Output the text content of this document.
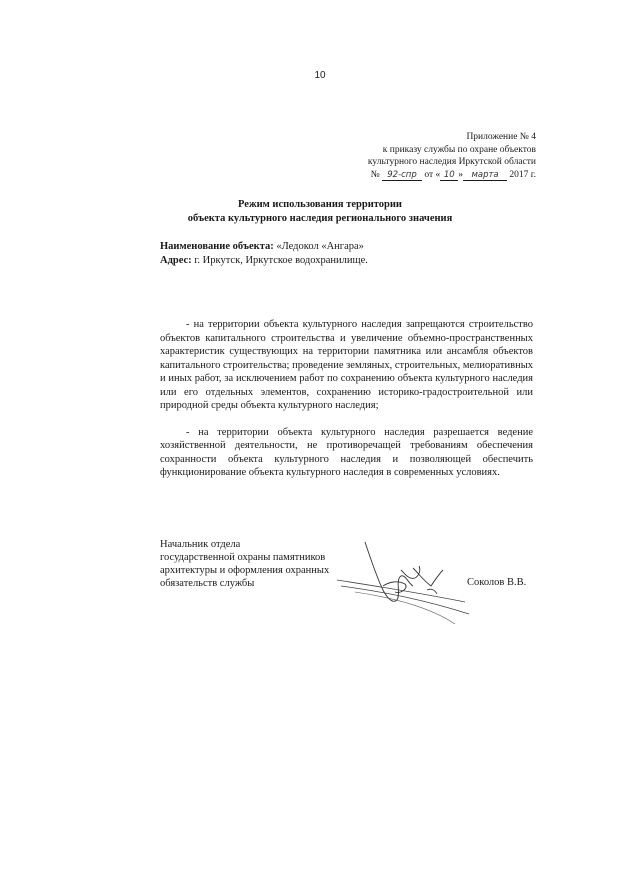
10
Приложение № 4
к приказу службы по охране объектов
культурного наследия Иркутской области
№ 92-спр от « 10 » марта 2017 г.
Режим использования территории
объекта культурного наследия регионального значения
Наименование объекта: «Ледокол «Ангара»
Адрес: г. Иркутск, Иркутское водохранилище.

- на территории объекта культурного наследия запрещаются строительство объектов капитального строительства и увеличение объемно-пространственных характеристик существующих на территории памятника или ансамбля объектов капитального строительства; проведение земляных, строительных, мелиоративных и иных работ, за исключением работ по сохранению объекта культурного наследия или его отдельных элементов, сохранению историко-градостроительной или природной среды объекта культурного наследия;

- на территории объекта культурного наследия разрешается ведение хозяйственной деятельности, не противоречащей требованиям обеспечения сохранности объекта культурного наследия и позволяющей обеспечить функционирование объекта культурного наследия в современных условиях.

Начальник отдела
государственной охраны памятников
архитектуры и оформления охранных
обязательств службы	Соколов В.В.
